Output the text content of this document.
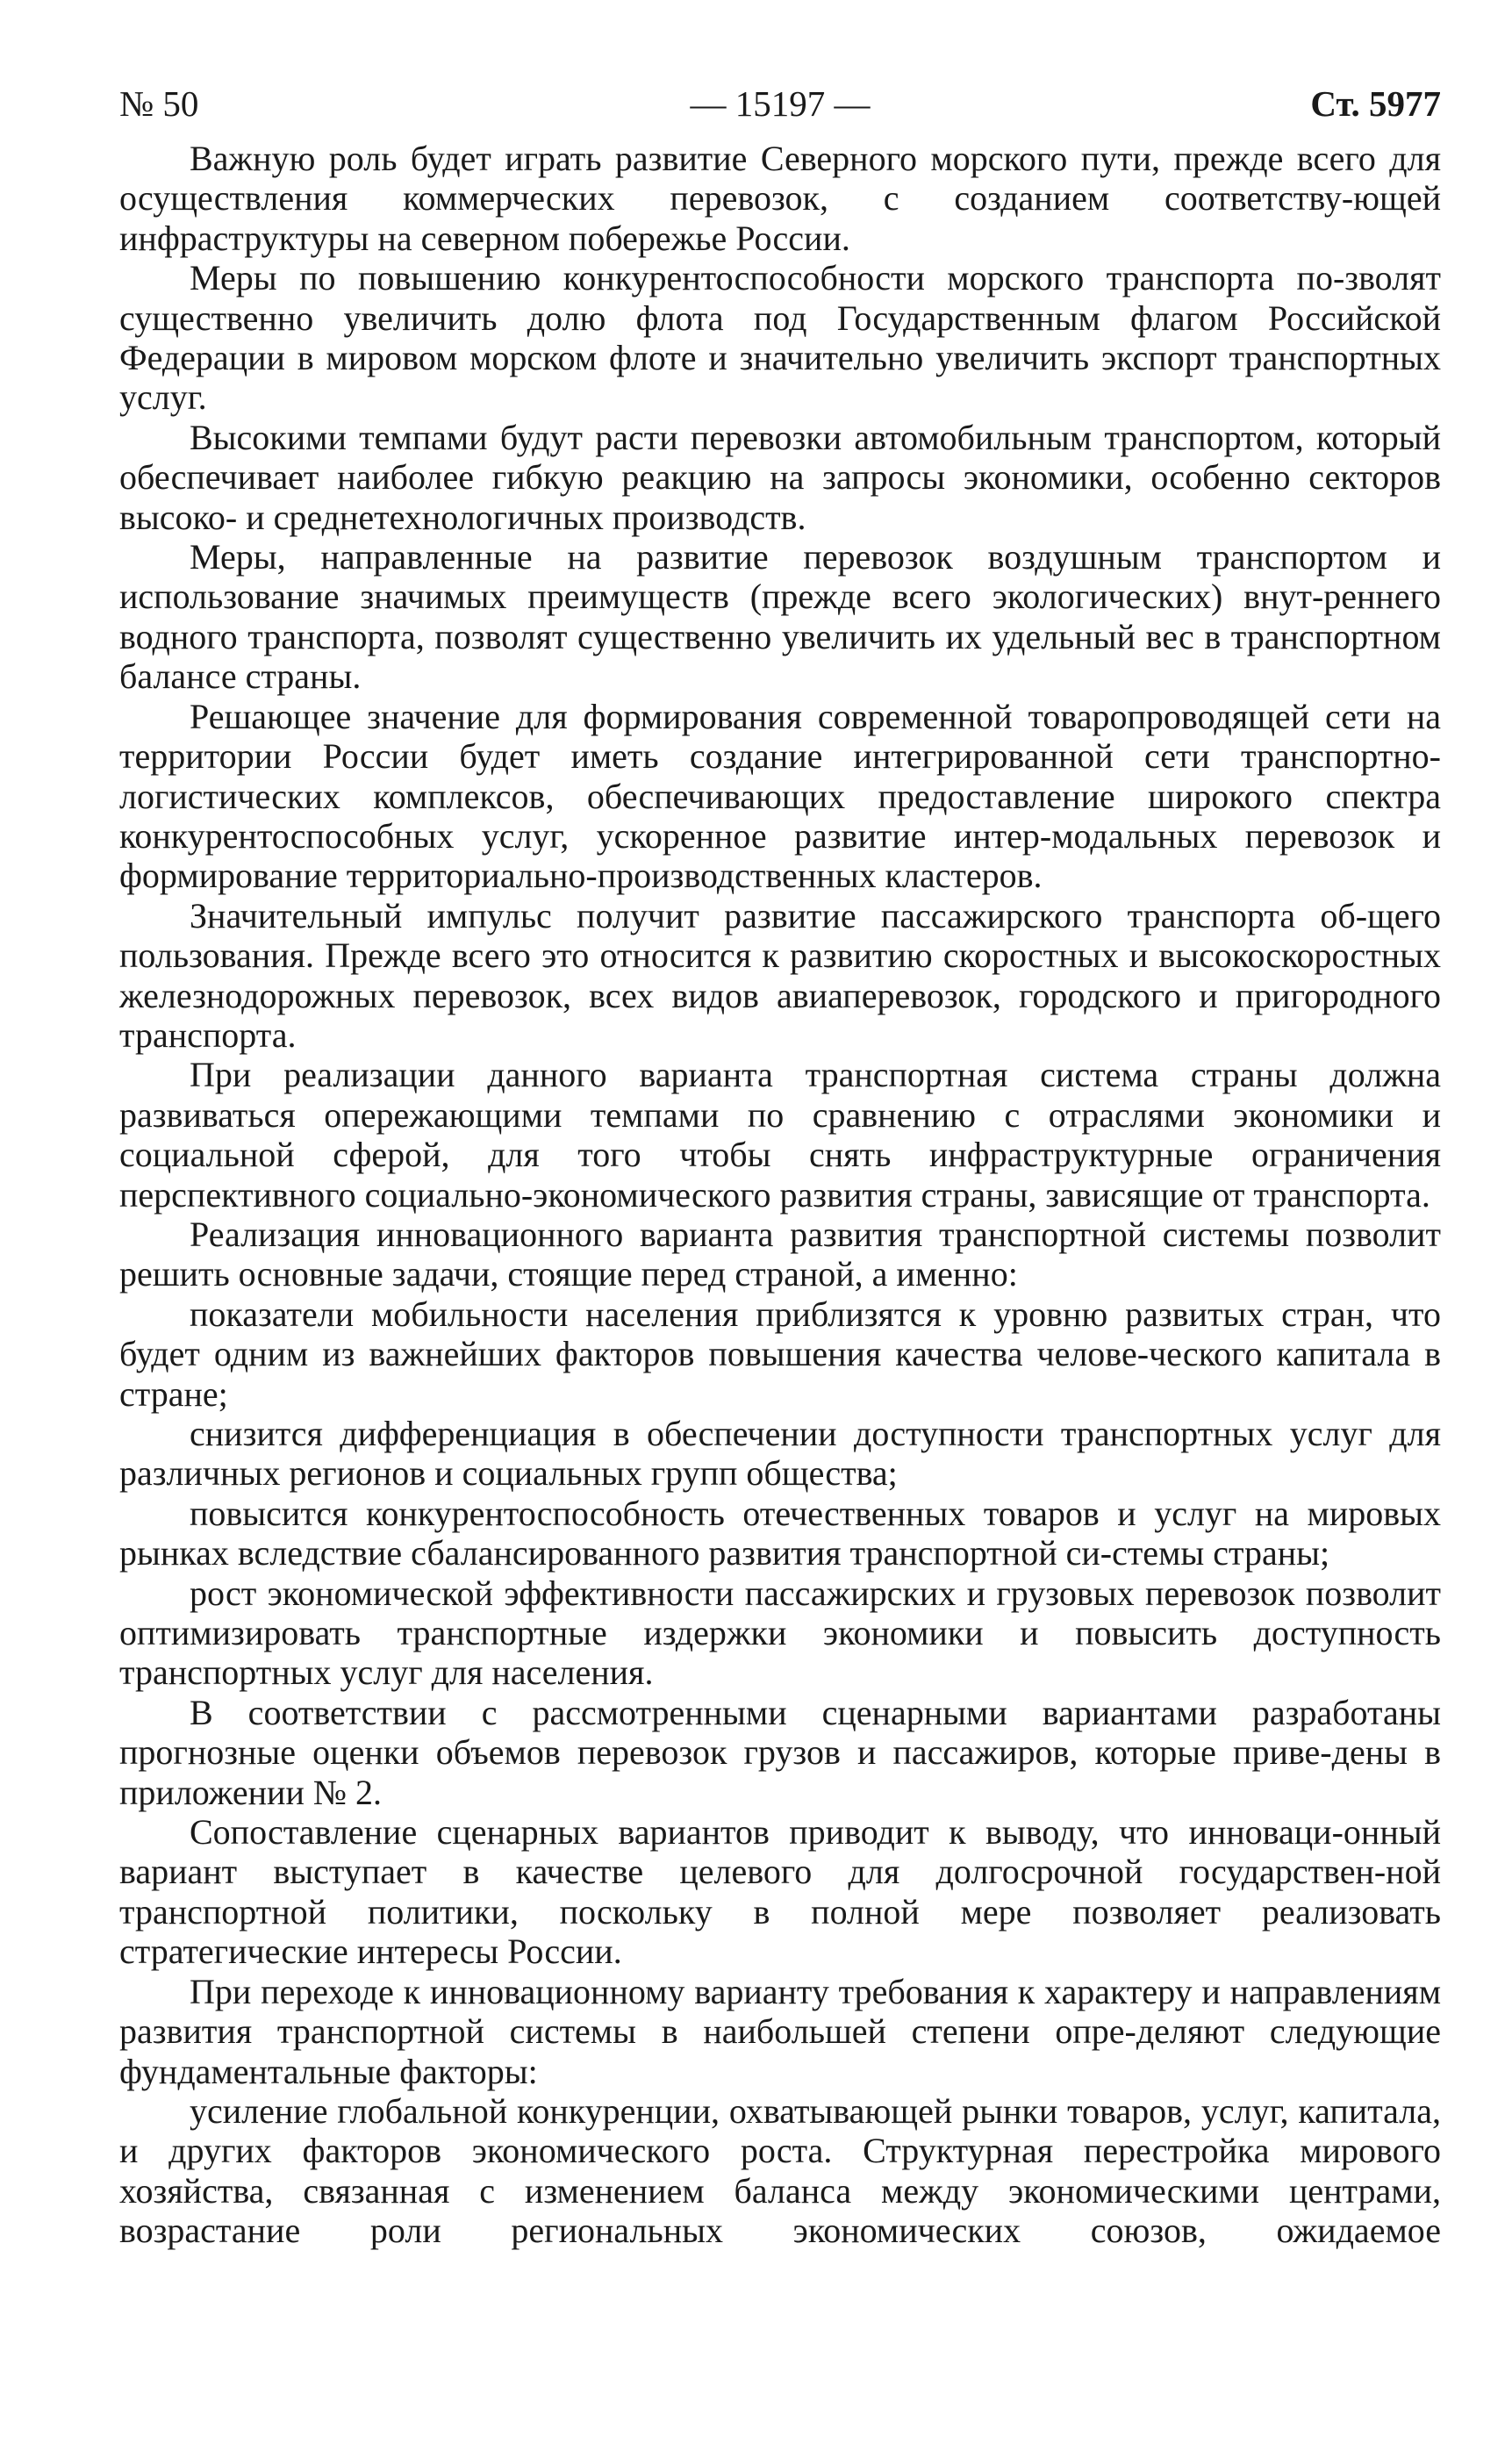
№ 50	— 15197 —	Ст. 5977

Важную роль будет играть развитие Северного морского пути, прежде всего для осуществления коммерческих перевозок, с созданием соответству-ющей инфраструктуры на северном побережье России.

Меры по повышению конкурентоспособности морского транспорта по-зволят существенно увеличить долю флота под Государственным флагом Российской Федерации в мировом морском флоте и значительно увеличить экспорт транспортных услуг.

Высокими темпами будут расти перевозки автомобильным транспортом, который обеспечивает наиболее гибкую реакцию на запросы экономики, особенно секторов высоко- и среднетехнологичных производств.

Меры, направленные на развитие перевозок воздушным транспортом и использование значимых преимуществ (прежде всего экологических) внут-реннего водного транспорта, позволят существенно увеличить их удельный вес в транспортном балансе страны.

Решающее значение для формирования современной товаропроводящей сети на территории России будет иметь создание интегрированной сети транспортно-логистических комплексов, обеспечивающих предоставление широкого спектра конкурентоспособных услуг, ускоренное развитие интер-модальных перевозок и формирование территориально-производственных кластеров.

Значительный импульс получит развитие пассажирского транспорта об-щего пользования. Прежде всего это относится к развитию скоростных и высокоскоростных железнодорожных перевозок, всех видов авиаперевозок, городского и пригородного транспорта.

При реализации данного варианта транспортная система страны должна развиваться опережающими темпами по сравнению с отраслями экономики и социальной сферой, для того чтобы снять инфраструктурные ограничения перспективного социально-экономического развития страны, зависящие от транспорта.

Реализация инновационного варианта развития транспортной системы позволит решить основные задачи, стоящие перед страной, а именно:

показатели мобильности населения приблизятся к уровню развитых стран, что будет одним из важнейших факторов повышения качества челове-ческого капитала в стране;

снизится дифференциация в обеспечении доступности транспортных услуг для различных регионов и социальных групп общества;

повысится конкурентоспособность отечественных товаров и услуг на мировых рынках вследствие сбалансированного развития транспортной си-стемы страны;

рост экономической эффективности пассажирских и грузовых перевозок позволит оптимизировать транспортные издержки экономики и повысить доступность транспортных услуг для населения.

В соответствии с рассмотренными сценарными вариантами разработаны прогнозные оценки объемов перевозок грузов и пассажиров, которые приве-дены в приложении № 2.

Сопоставление сценарных вариантов приводит к выводу, что инноваци-онный вариант выступает в качестве целевого для долгосрочной государствен-ной транспортной политики, поскольку в полной мере позволяет реализовать стратегические интересы России.

При переходе к инновационному варианту требования к характеру и направлениям развития транспортной системы в наибольшей степени опре-деляют следующие фундаментальные факторы:

усиление глобальной конкуренции, охватывающей рынки товаров, услуг, капитала, и других факторов экономического роста. Структурная перестройка мирового хозяйства, связанная с изменением баланса между экономическими центрами, возрастание роли региональных экономических союзов, ожидаемое
